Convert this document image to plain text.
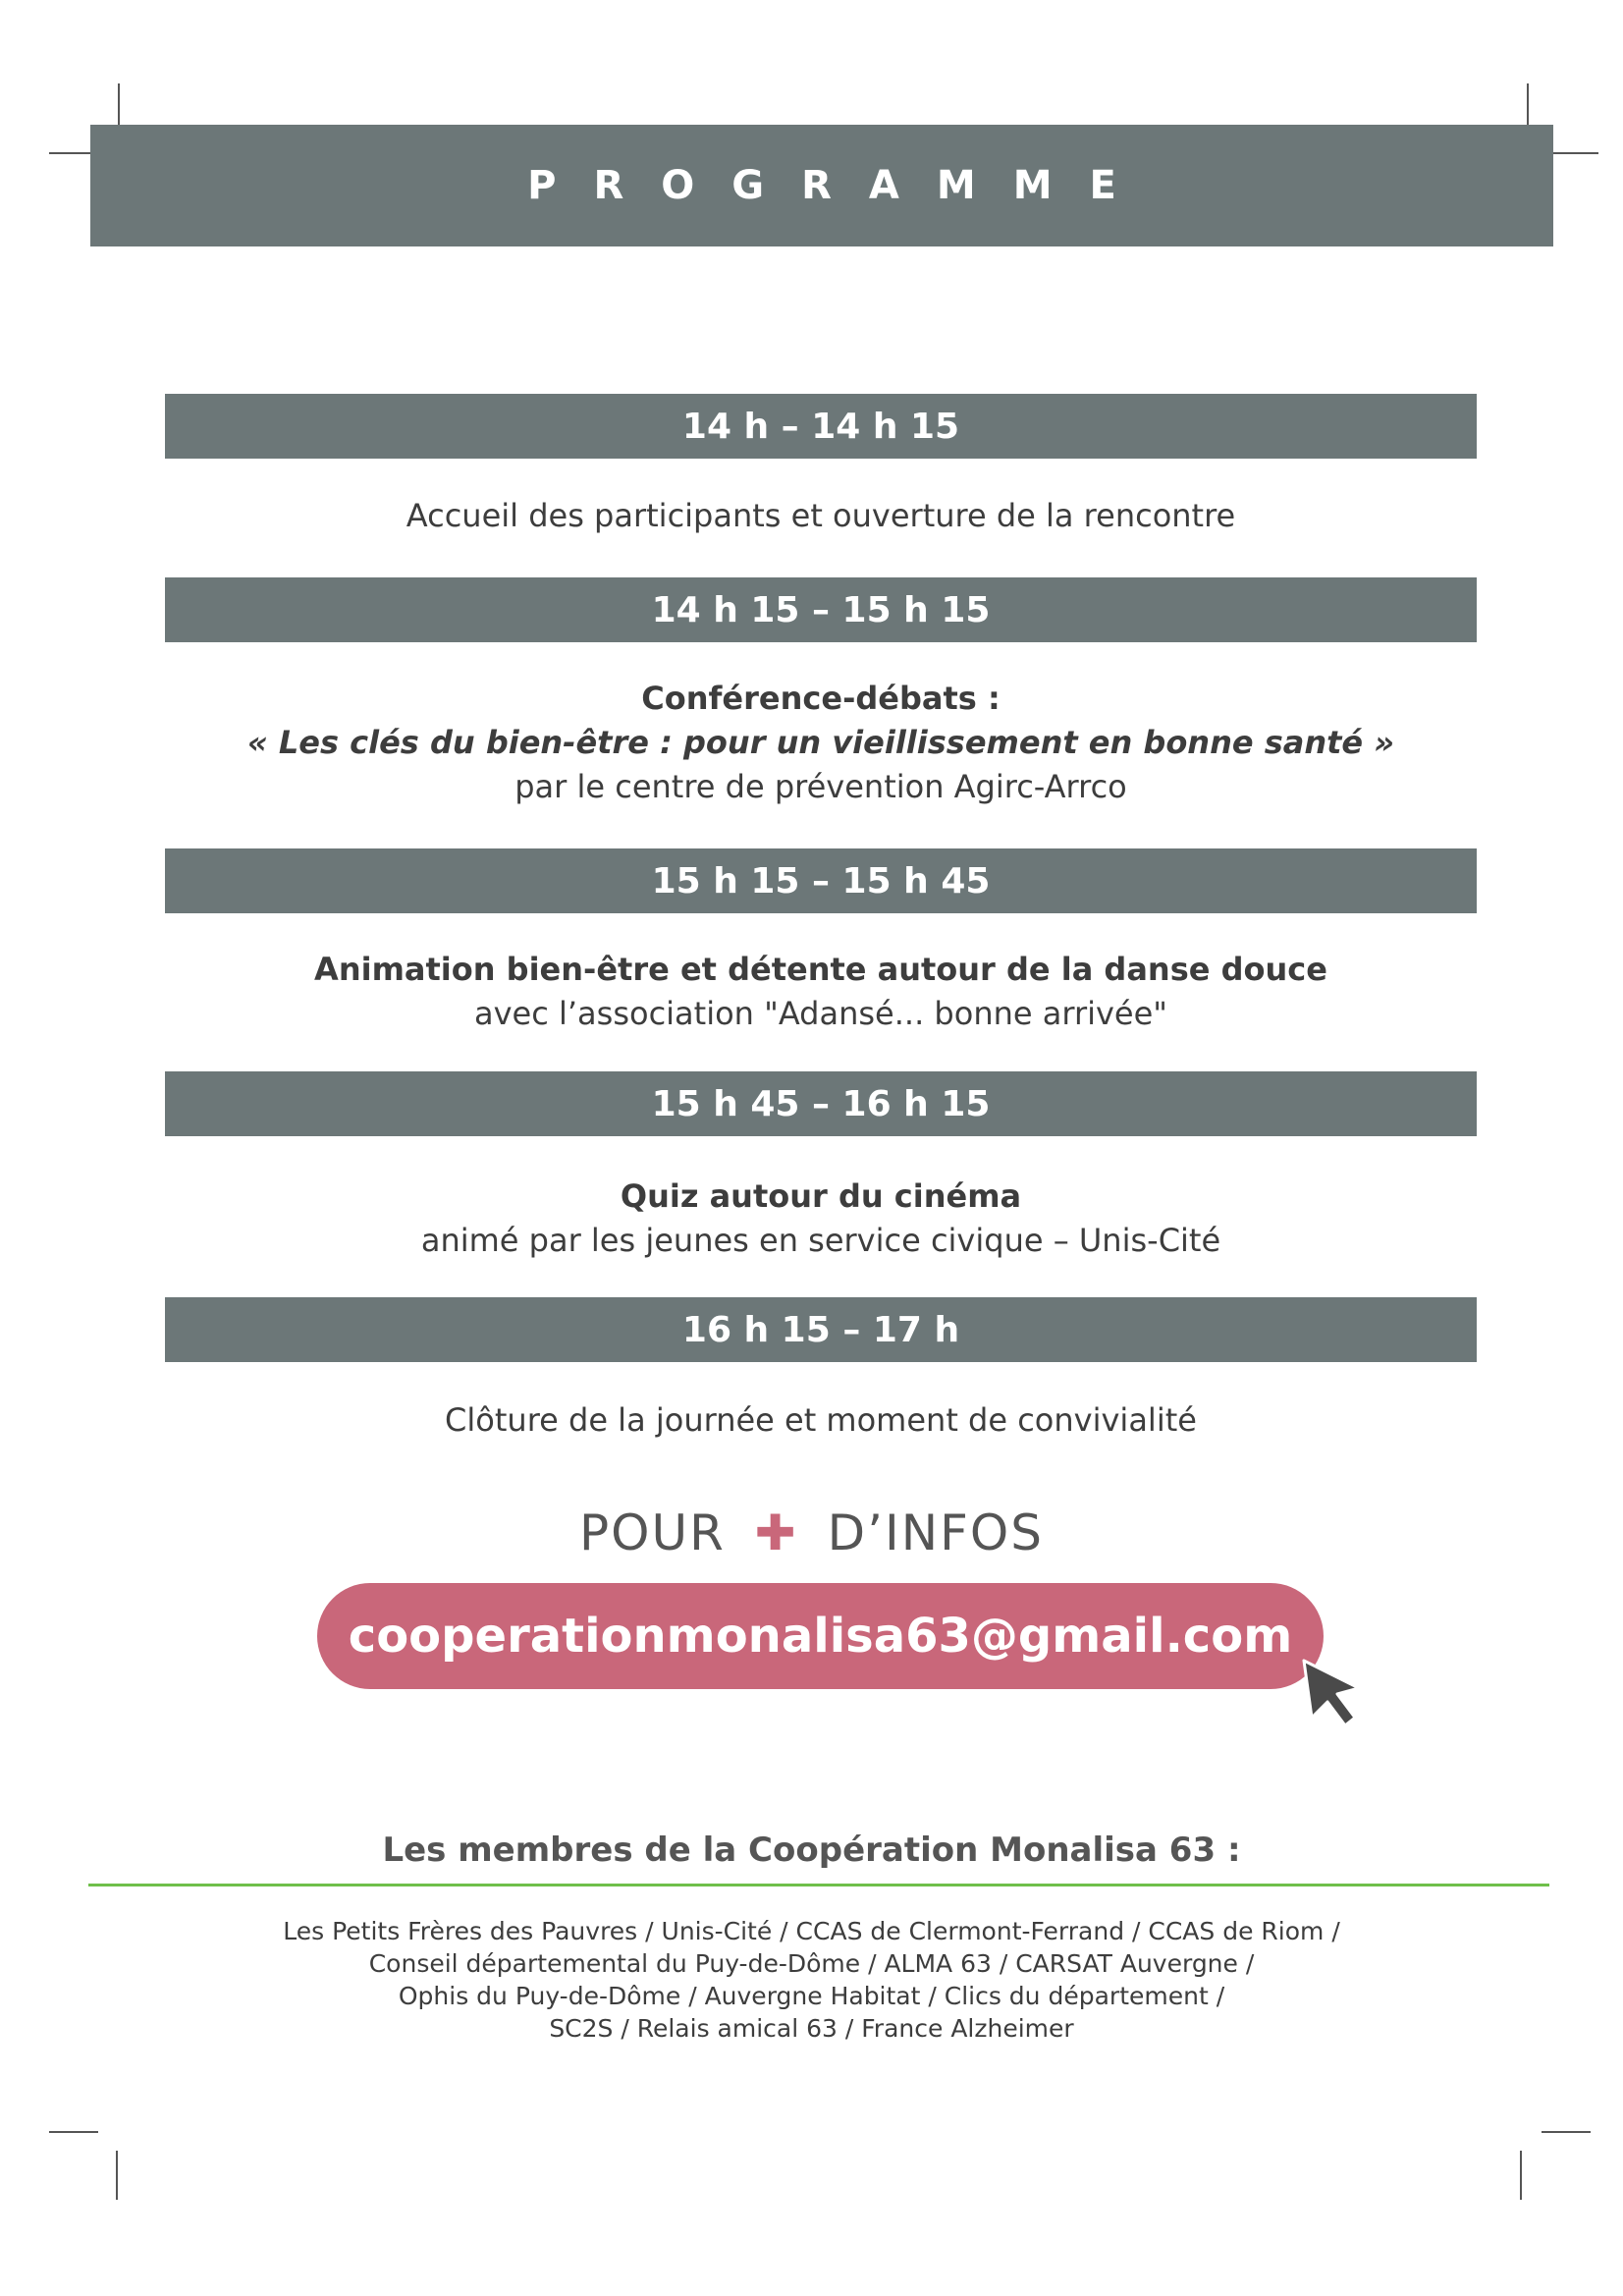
PROGRAMME
14 h – 14 h 15
Accueil des participants et ouverture de la rencontre
14 h 15 – 15 h 15
Conférence-débats :
« Les clés du bien-être : pour un vieillissement en bonne santé »
par le centre de prévention Agirc-Arrco
15 h 15 – 15 h 45
Animation bien-être et détente autour de la danse douce
avec l’association "Adansé... bonne arrivée"
15 h 45 – 16 h 15
Quiz autour du cinéma
animé par les jeunes en service civique – Unis-Cité
16 h 15 – 17 h
Clôture de la journée et moment de convivialité
POUR ✚ D’INFOS
cooperationmonalisa63@gmail.com
Les membres de la Coopération Monalisa 63 :
Les Petits Frères des Pauvres / Unis-Cité / CCAS de Clermont-Ferrand / CCAS de Riom /
Conseil départemental du Puy-de-Dôme / ALMA 63 / CARSAT Auvergne /
Ophis du Puy-de-Dôme / Auvergne Habitat / Clics du département /
SC2S / Relais amical 63 / France Alzheimer
